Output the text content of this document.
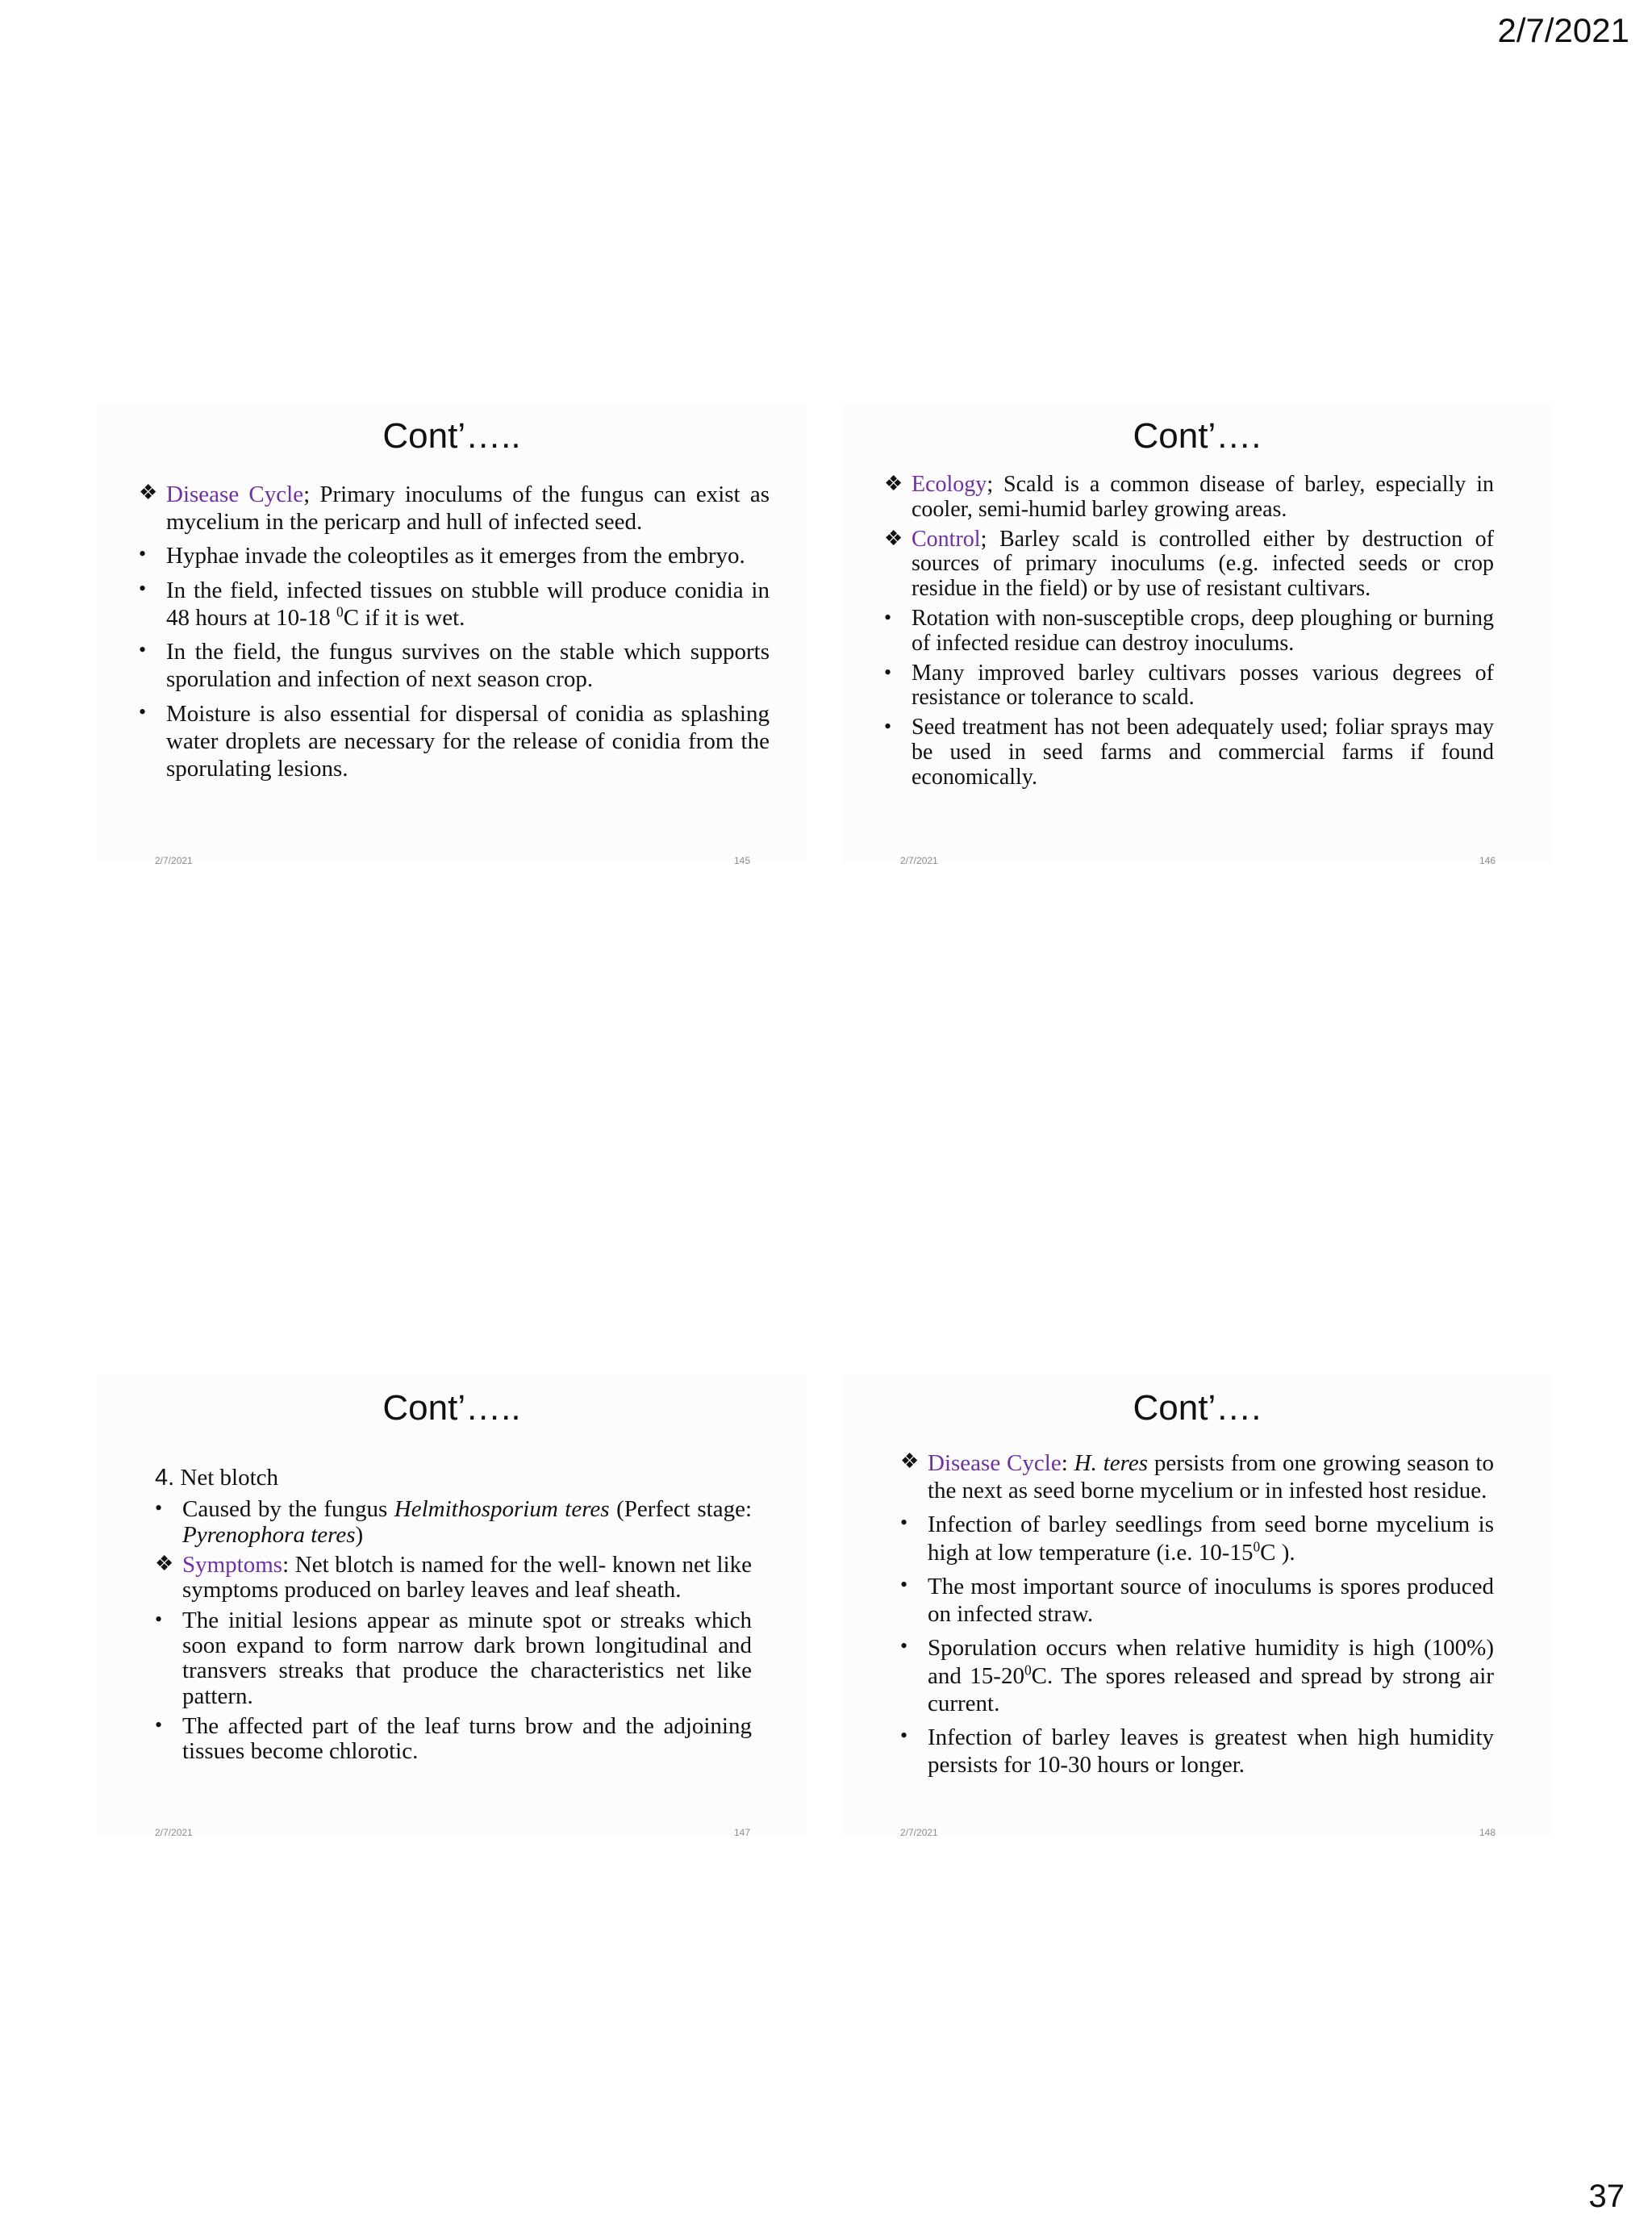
2/7/2021
Cont’…..
❖ Disease Cycle; Primary inoculums of the fungus can exist as mycelium in the pericarp and hull of infected seed.
• Hyphae invade the coleoptiles as it emerges from the embryo.
• In the field, infected tissues on stubble will produce conidia in 48 hours at 10-18 $^0$C if it is wet.
• In the field, the fungus survives on the stable which supports sporulation and infection of next season crop.
• Moisture is also essential for dispersal of conidia as splashing water droplets are necessary for the release of conidia from the sporulating lesions.
2/7/2021	145
Cont’….
❖ Ecology; Scald is a common disease of barley, especially in cooler, semi-humid barley growing areas.
❖ Control; Barley scald is controlled either by destruction of sources of primary inoculums (e.g. infected seeds or crop residue in the field) or by use of resistant cultivars.
• Rotation with non-susceptible crops, deep ploughing or burning of infected residue can destroy inoculums.
• Many improved barley cultivars posses various degrees of resistance or tolerance to scald.
• Seed treatment has not been adequately used; foliar sprays may be used in seed farms and commercial farms if found economically.
2/7/2021	146
Cont’…..
4. Net blotch
• Caused by the fungus Helmithosporium teres (Perfect stage: Pyrenophora teres)
❖ Symptoms: Net blotch is named for the well- known net like symptoms produced on barley leaves and leaf sheath.
• The initial lesions appear as minute spot or streaks which soon expand to form narrow dark brown longitudinal and transvers streaks that produce the characteristics net like pattern.
• The affected part of the leaf turns brow and the adjoining tissues become chlorotic.
2/7/2021	147
Cont’….
❖ Disease Cycle: H. teres persists from one growing season to the next as seed borne mycelium or in infested host residue.
• Infection of barley seedlings from seed borne mycelium is high at low temperature (i.e. $10-15^0C$ ).
• The most important source of inoculums is spores produced on infected straw.
• Sporulation occurs when relative humidity is high (100%) and $15-20^0C$. The spores released and spread by strong air current.
• Infection of barley leaves is greatest when high humidity persists for 10-30 hours or longer.
2/7/2021	148
37
